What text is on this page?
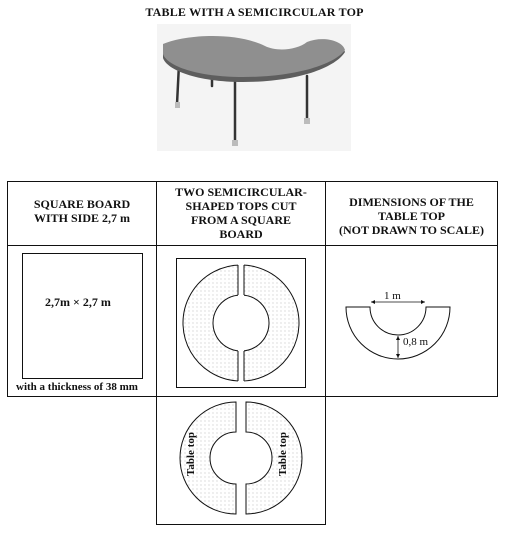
TABLE WITH A SEMICIRCULAR TOP
SQUARE BOARD
WITH SIDE 2,7 m
TWO SEMICIRCULAR-
SHAPED TOPS CUT
FROM A SQUARE
BOARD
DIMENSIONS OF THE
TABLE TOP
(NOT DRAWN TO SCALE)
2,7m × 2,7 m
with a thickness of 38 mm
1 m
0,8 m
Table top	Table top
